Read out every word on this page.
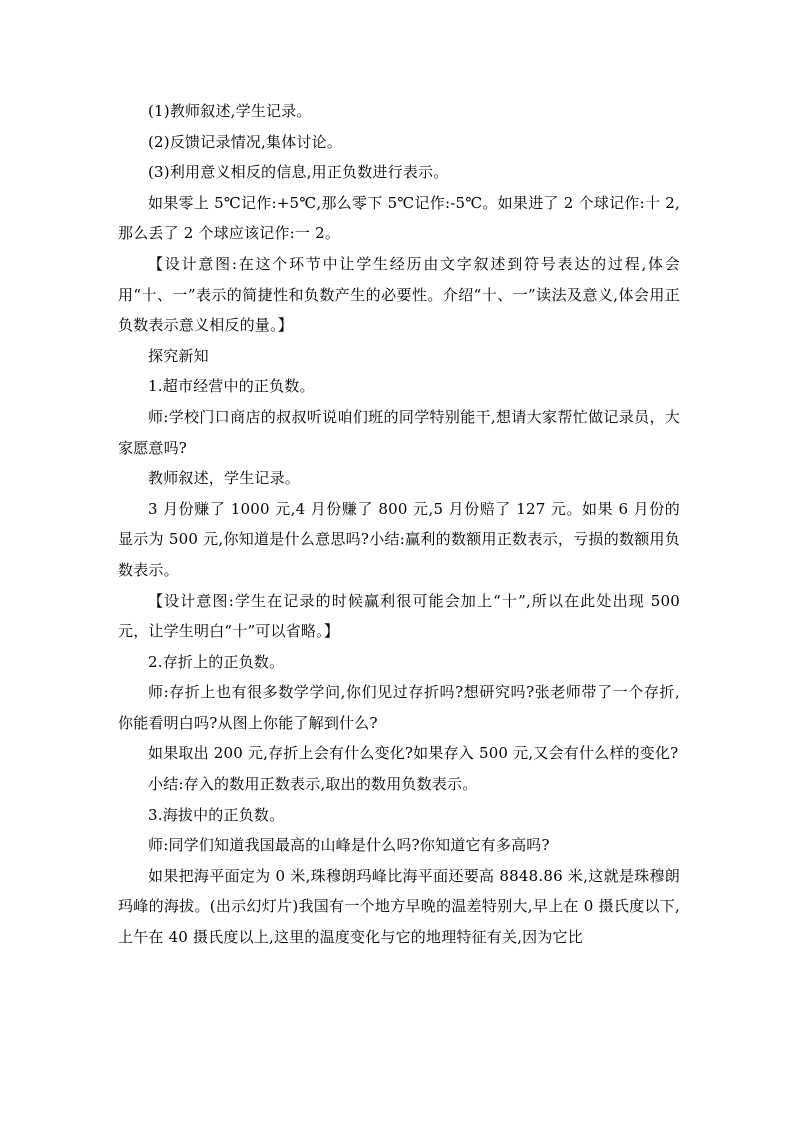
(1)教师叙述,学生记录。

(2)反馈记录情况,集体讨论。

(3)利用意义相反的信息,用正负数进行表示。

如果零上 5℃记作:+5℃,那么零下 5℃记作:-5℃。如果进了 2 个球记作:十 2,那么丢了 2 个球应该记作:一 2。

【设计意图:在这个环节中让学生经历由文字叙述到符号表达的过程,体会用“十、一”表示的简捷性和负数产生的必要性。介绍“十、一”读法及意义,体会用正负数表示意义相反的量。】

探究新知

1.超市经营中的正负数。

师:学校门口商店的叔叔听说咱们班的同学特别能干,想请大家帮忙做记录员，大家愿意吗?

教师叙述，学生记录。

3 月份赚了 1000 元,4 月份赚了 800 元,5 月份赔了 127 元。如果 6 月份的显示为 500 元,你知道是什么意思吗?小结:赢利的数额用正数表示，亏损的数额用负数表示。

【设计意图:学生在记录的时候赢利很可能会加上“十”,所以在此处出现 500 元，让学生明白“十”可以省略。】

2.存折上的正负数。

师:存折上也有很多数学学问,你们见过存折吗?想研究吗?张老师带了一个存折,你能看明白吗?从图上你能了解到什么?

如果取出 200 元,存折上会有什么变化?如果存入 500 元,又会有什么样的变化?

小结:存入的数用正数表示,取出的数用负数表示。

3.海拔中的正负数。

师:同学们知道我国最高的山峰是什么吗?你知道它有多高吗?

如果把海平面定为 0 米,珠穆朗玛峰比海平面还要高 8848.86 米,这就是珠穆朗玛峰的海拔。(出示幻灯片)我国有一个地方早晚的温差特别大,早上在 0 摄氏度以下,上午在 40 摄氏度以上,这里的温度变化与它的地理特征有关,因为它比
